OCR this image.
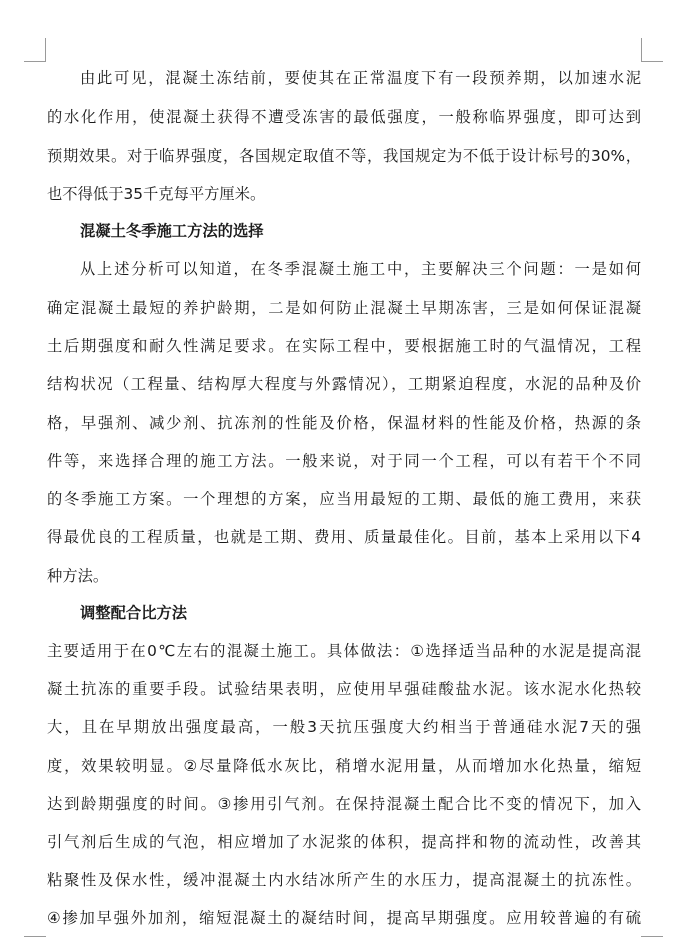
由此可见，混凝土冻结前，要使其在正常温度下有一段预养期，以加速水泥
的水化作用，使混凝土获得不遭受冻害的最低强度，一般称临界强度，即可达到
预期效果。对于临界强度，各国规定取值不等，我国规定为不低于设计标号的30%，
也不得低于35千克每平方厘米。
混凝土冬季施工方法的选择
从上述分析可以知道，在冬季混凝土施工中，主要解决三个问题：一是如何
确定混凝土最短的养护龄期，二是如何防止混凝土早期冻害，三是如何保证混凝
土后期强度和耐久性满足要求。在实际工程中，要根据施工时的气温情况，工程
结构状况（工程量、结构厚大程度与外露情况），工期紧迫程度，水泥的品种及价
格，早强剂、减少剂、抗冻剂的性能及价格，保温材料的性能及价格，热源的条
件等，来选择合理的施工方法。一般来说，对于同一个工程，可以有若干个不同
的冬季施工方案。一个理想的方案，应当用最短的工期、最低的施工费用，来获
得最优良的工程质量，也就是工期、费用、质量最佳化。目前，基本上采用以下4
种方法。
调整配合比方法
主要适用于在0℃左右的混凝土施工。具体做法：①选择适当品种的水泥是提高混
凝土抗冻的重要手段。试验结果表明，应使用早强硅酸盐水泥。该水泥水化热较
大，且在早期放出强度最高，一般3天抗压强度大约相当于普通硅水泥7天的强
度，效果较明显。②尽量降低水灰比，稍增水泥用量，从而增加水化热量，缩短
达到龄期强度的时间。③掺用引气剂。在保持混凝土配合比不变的情况下，加入
引气剂后生成的气泡，相应增加了水泥浆的体积，提高拌和物的流动性，改善其
粘聚性及保水性，缓冲混凝土内水结冰所产生的水压力，提高混凝土的抗冻性。
④掺加早强外加剂，缩短混凝土的凝结时间，提高早期强度。应用较普遍的有硫
